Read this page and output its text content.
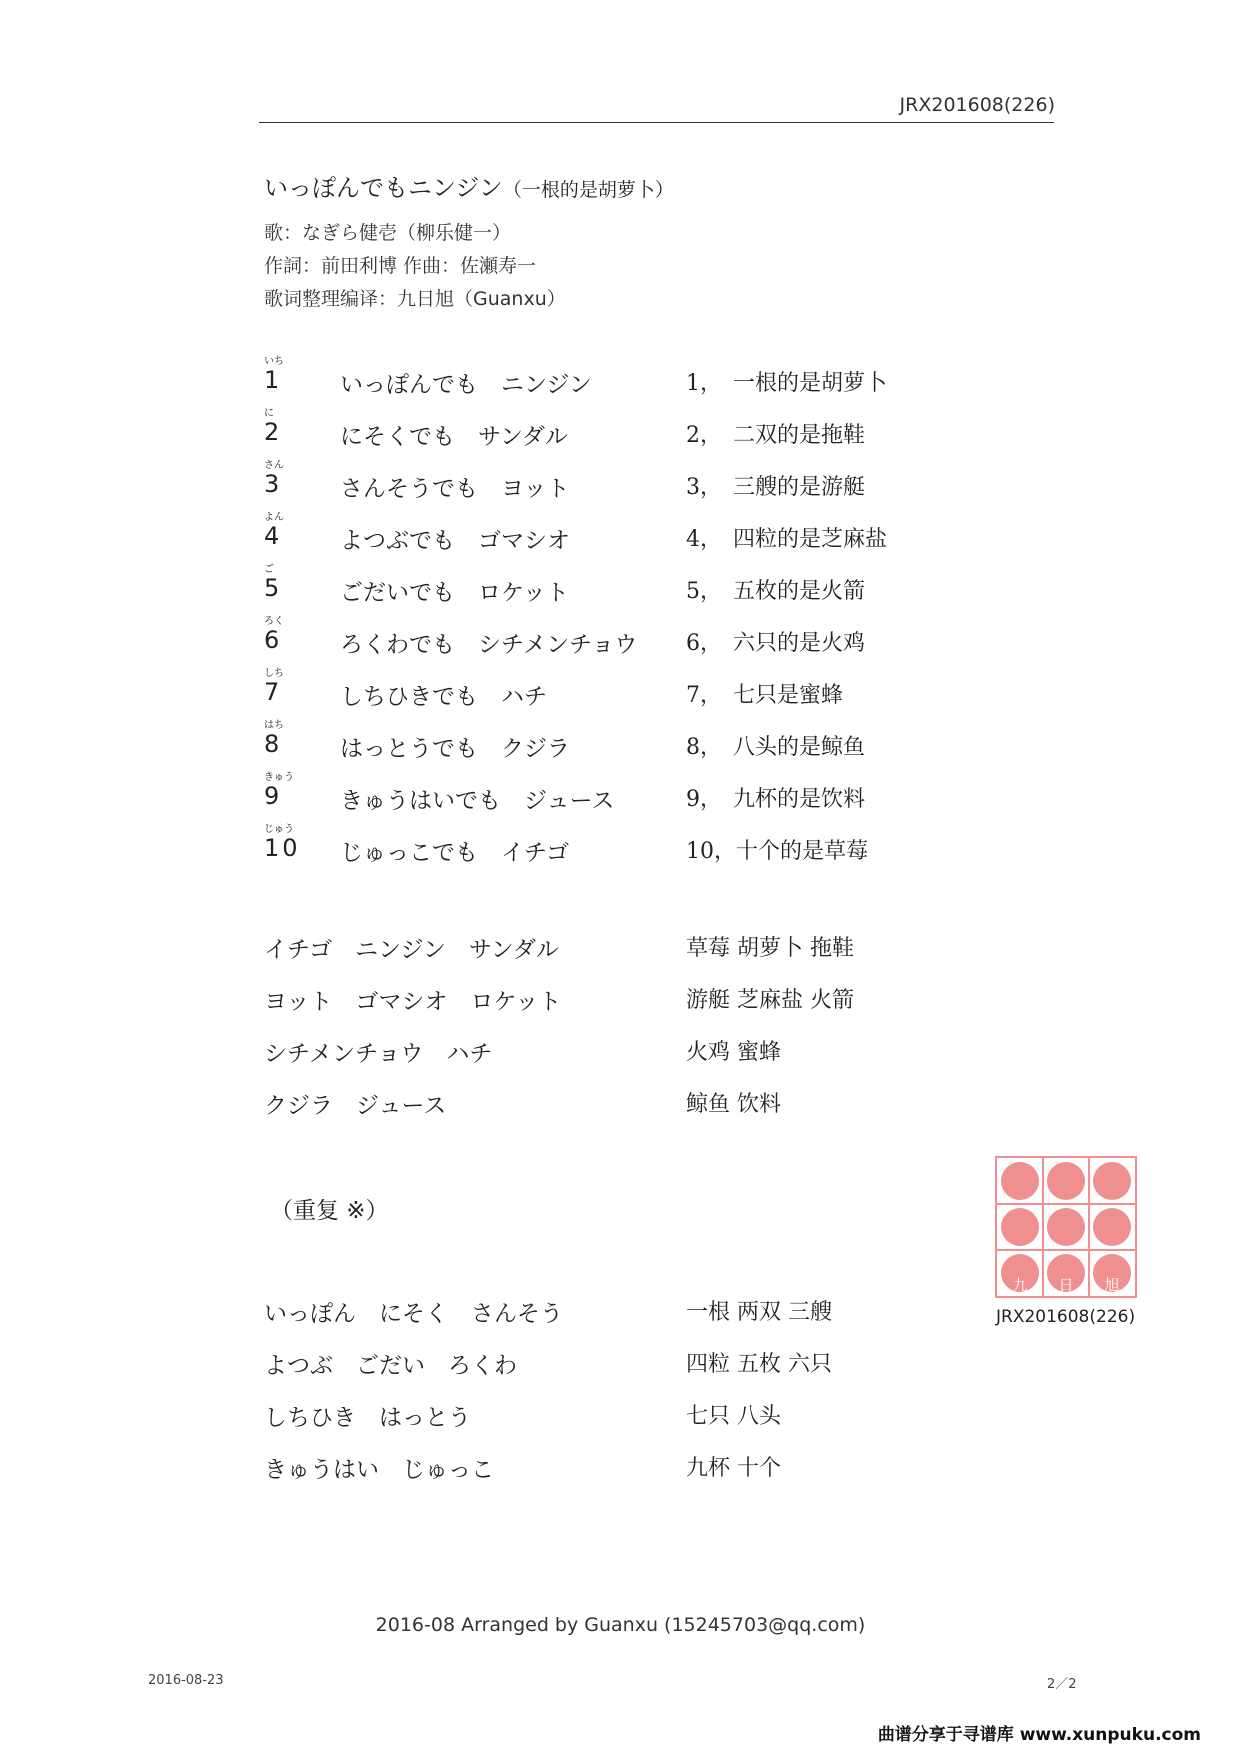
JRX201608(226)
いっぽんでもニンジン（一根的是胡萝卜）
歌：なぎら健壱（柳乐健一）
作詞：前田利博 作曲：佐瀬寿一
歌词整理编译：九日旭（Guanxu）
いち
1	いっぽんでも　ニンジン	1，　一根的是胡萝卜
に
2	にそくでも　サンダル	2，　二双的是拖鞋
さん
3	さんそうでも　ヨット	3，　三艘的是游艇
よん
4	よつぶでも　ゴマシオ	4，　四粒的是芝麻盐
ご
5	ごだいでも　ロケット	5，　五枚的是火箭
ろく
6	ろくわでも　シチメンチョウ 6，　六只的是火鸡
しち
7	しちひきでも　ハチ	7，　七只是蜜蜂
はち
8	はっとうでも　クジラ	8，　八头的是鲸鱼
きゅう
9	きゅうはいでも　ジュース	9，　九杯的是饮料
じゅう
10 じゅっこでも　イチゴ	10，十个的是草莓
イチゴ　ニンジン　サンダル	草莓 胡萝卜 拖鞋
ヨット　ゴマシオ　ロケット	游艇 芝麻盐 火箭
シチメンチョウ　ハチ	火鸡 蜜蜂
クジラ　ジュース	鲸鱼 饮料
（重复 ※）
いっぽん　にそく　さんそう	一根 两双 三艘
よつぶ　ごだい　ろくわ	四粒 五枚 六只
しちひき　はっとう	七只 八头
きゅうはい　じゅっこ	九杯 十个
九 日 旭
JRX201608(226)
2016-08 Arranged by Guanxu (15245703@qq.com)
2016-08-23	2／2
曲谱分享于寻谱库 www.xunpuku.com
